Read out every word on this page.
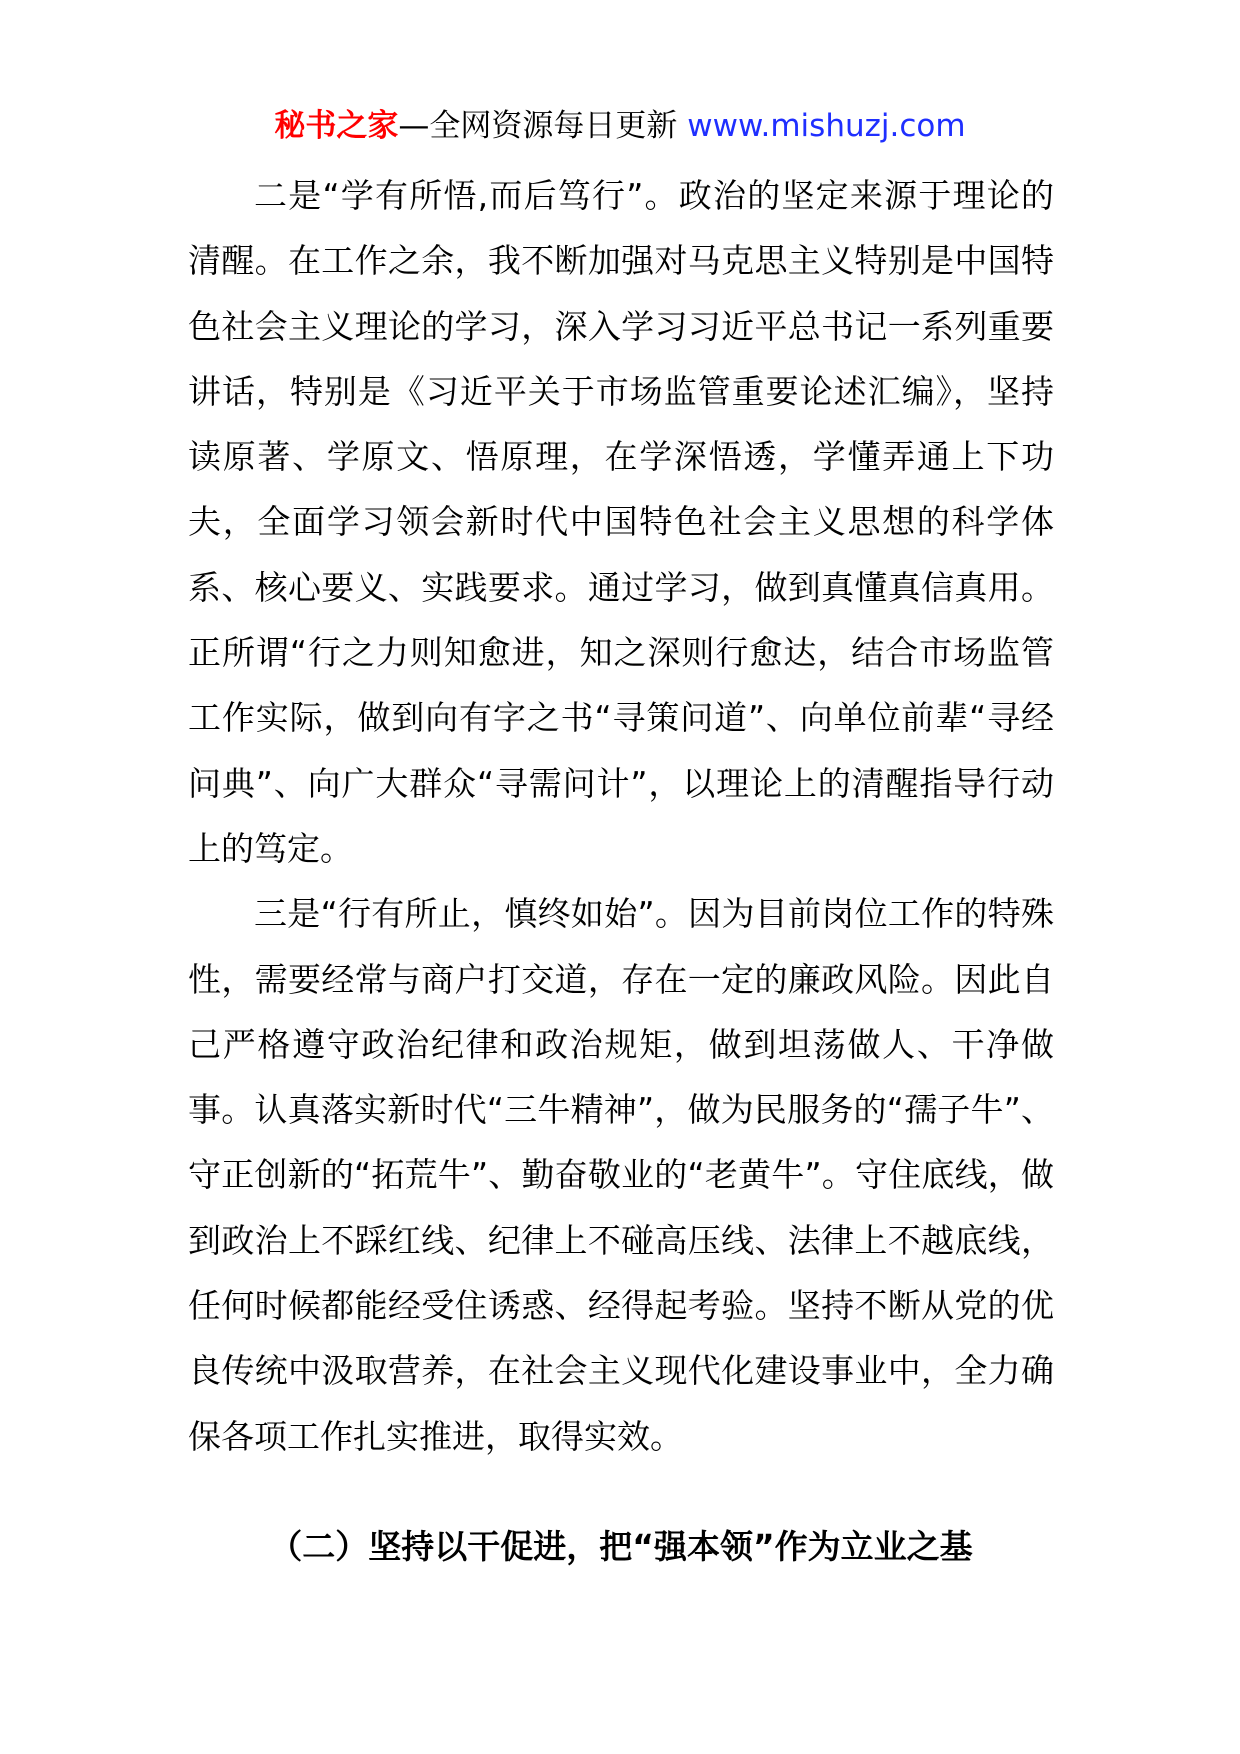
秘书之家—全网资源每日更新 www.mishuzj.com

二是“学有所悟,而后笃行”。政治的坚定来源于理论的清醒。在工作之余，我不断加强对马克思主义特别是中国特色社会主义理论的学习，深入学习习近平总书记一系列重要讲话，特别是《习近平关于市场监管重要论述汇编》，坚持读原著、学原文、悟原理，在学深悟透，学懂弄通上下功夫，全面学习领会新时代中国特色社会主义思想的科学体系、核心要义、实践要求。通过学习，做到真懂真信真用。正所谓“行之力则知愈进，知之深则行愈达，结合市场监管工作实际，做到向有字之书“寻策问道”、向单位前辈“寻经问典”、向广大群众“寻需问计”，以理论上的清醒指导行动上的笃定。

三是“行有所止，慎终如始”。因为目前岗位工作的特殊性，需要经常与商户打交道，存在一定的廉政风险。因此自己严格遵守政治纪律和政治规矩，做到坦荡做人、干净做事。认真落实新时代“三牛精神”，做为民服务的“孺子牛”、守正创新的“拓荒牛”、勤奋敬业的“老黄牛”。守住底线，做到政治上不踩红线、纪律上不碰高压线、法律上不越底线，任何时候都能经受住诱惑、经得起考验。坚持不断从党的优良传统中汲取营养，在社会主义现代化建设事业中，全力确保各项工作扎实推进，取得实效。

（二）坚持以干促进，把“强本领”作为立业之基
